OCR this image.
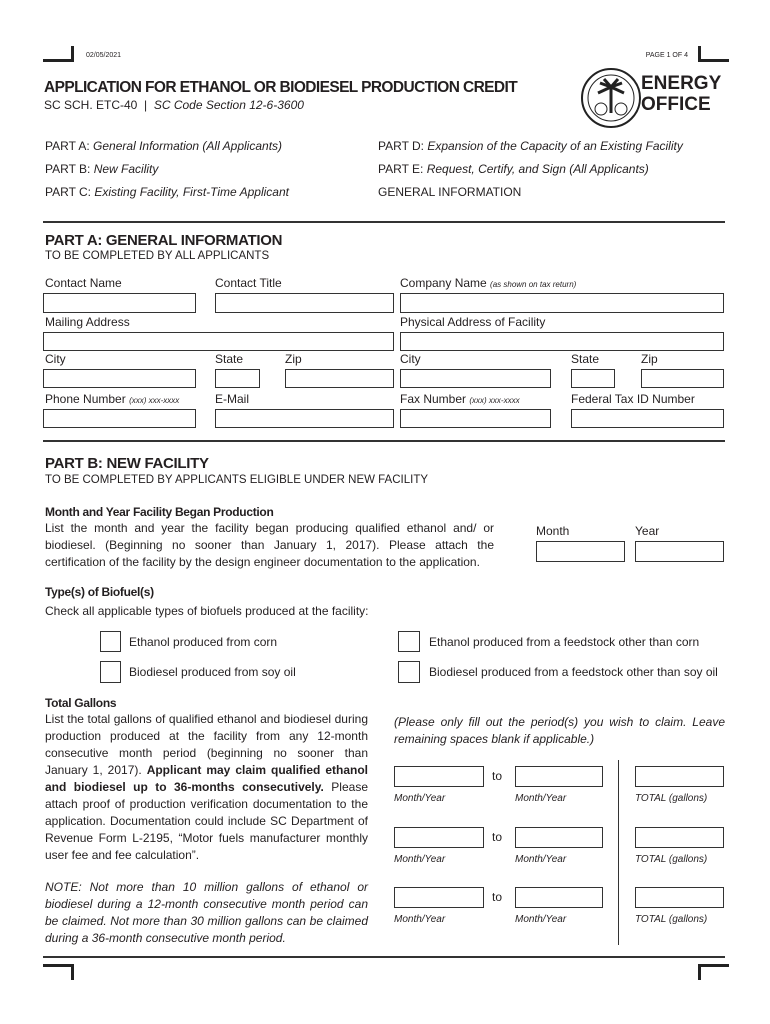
02/05/2021	PAGE 1 OF 4
APPLICATION FOR ETHANOL OR BIODIESEL PRODUCTION CREDIT
SC SCH. ETC-40 | SC Code Section 12-6-3600
ENERGY
OFFICE
PART A: General Information (All Applicants)
PART B: New Facility
PART C: Existing Facility, First-Time Applicant
PART D: Expansion of the Capacity of an Existing Facility
PART E: Request, Certify, and Sign (All Applicants)
GENERAL INFORMATION
PART A: GENERAL INFORMATION
TO BE COMPLETED BY ALL APPLICANTS
Contact Name	Contact Title	Company Name (as shown on tax return)
Mailing Address	Physical Address of Facility
City	State	Zip	City	State	Zip
Phone Number (xxx) xxx-xxxx	E-Mail	Fax Number (xxx) xxx-xxxx	Federal Tax ID Number
PART B: NEW FACILITY
TO BE COMPLETED BY APPLICANTS ELIGIBLE UNDER NEW FACILITY
Month and Year Facility Began Production
List the month and year the facility began producing qualified ethanol and/ or biodiesel. (Beginning no sooner than January 1, 2017). Please attach the certification of the facility by the design engineer documentation to the application.
Month	Year
Type(s) of Biofuel(s)
Check all applicable types of biofuels produced at the facility:
Ethanol produced from corn	Ethanol produced from a feedstock other than corn
Biodiesel produced from soy oil	Biodiesel produced from a feedstock other than soy oil
Total Gallons
List the total gallons of qualified ethanol and biodiesel during production produced at the facility from any 12-month consecutive month period (beginning no sooner than January 1, 2017). Applicant may claim qualified ethanol and biodiesel up to 36-months consecutively. Please attach proof of production verification documentation to the application. Documentation could include SC Department of Revenue Form L-2195, “Motor fuels manufacturer monthly user fee and fee calculation”.
NOTE: Not more than 10 million gallons of ethanol or biodiesel during a 12-month consecutive month period can be claimed. Not more than 30 million gallons can be claimed during a 36-month consecutive month period.
(Please only fill out the period(s) you wish to claim. Leave remaining spaces blank if applicable.)
to
Month/Year	Month/Year	TOTAL (gallons)
to
Month/Year	Month/Year	TOTAL (gallons)
to
Month/Year	Month/Year	TOTAL (gallons)
